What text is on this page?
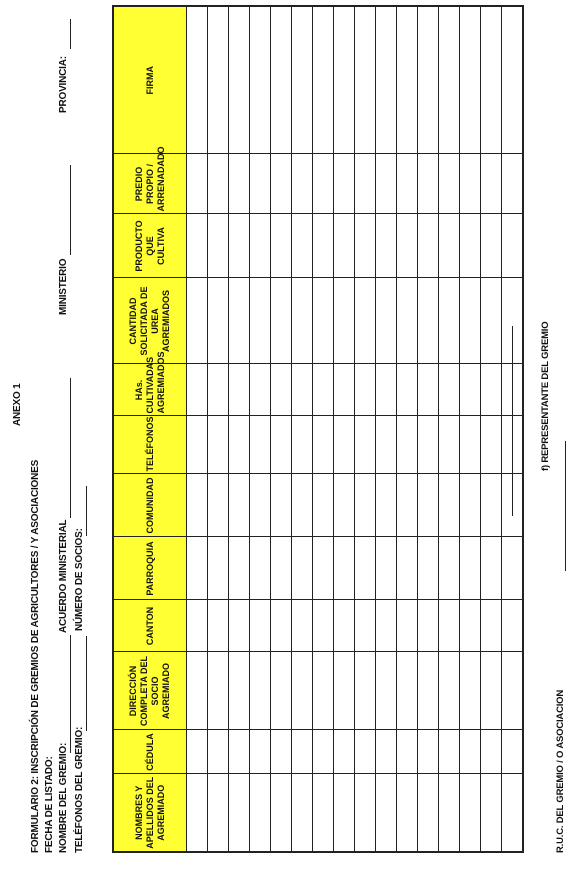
ANEXO 1
FORMULARIO 2: INSCRIPCIÓN DE GREMIOS DE AGRICULTORES / Y ASOCIACIONES FECHA DE LISTADO: NOMBRE DEL GREMIO:
ACUERDO MINISTERIAL
MINISTERIO
PROVINCIA:
TELÉFONOS DEL GREMIO:
NÚMERO DE SOCIOS:
NOMBRES Y APELLIDOS DEL AGREMIADO	CÉDULA	DIRECCIÓN COMPLETA DEL SOCIO AGREMIADO	CANTON	PARROQUIA	COMUNIDAD	TELÉFONOS	HAs. CULTIVADAS AGREMIADOS	CANTIDAD SOLICITADA DE UREA AGREMIADOS	PRODUCTO QUE CULTIVA	PREDIO PROPIO / ARRENADADO	FIRMA

f) REPRESENTANTE DEL GREMIO
R.U.C. DEL GREMIO / O ASOCIACION
